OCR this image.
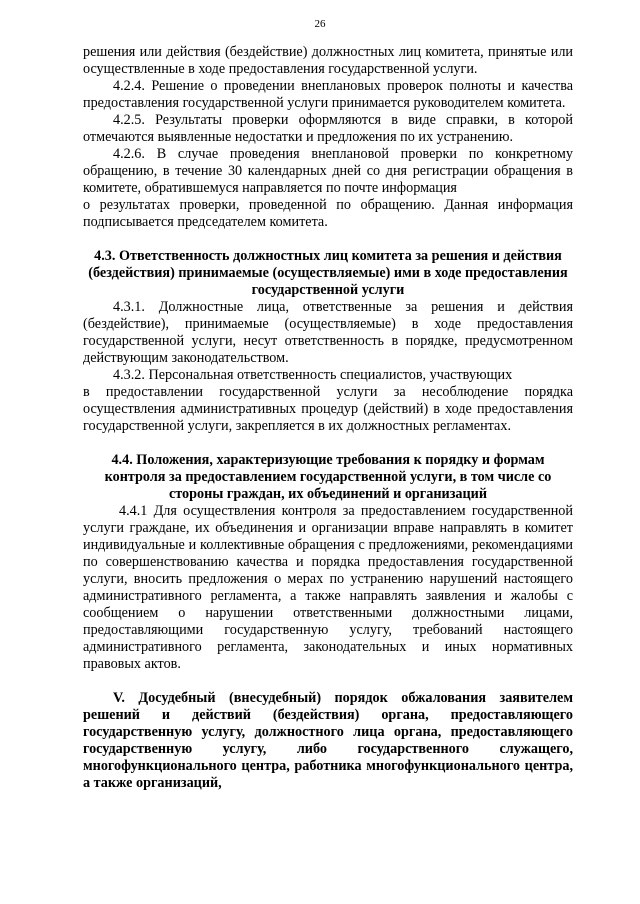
26

решения или действия (бездействие) должностных лиц комитета, принятые или осуществленные в ходе предоставления государственной услуги.

4.2.4. Решение о проведении внеплановых проверок полноты и качества предоставления государственной услуги принимается руководителем комитета.

4.2.5. Результаты проверки оформляются в виде справки, в которой отмечаются выявленные недостатки и предложения по их устранению.

4.2.6. В случае проведения внеплановой проверки по конкретному обращению, в течение 30 календарных дней со дня регистрации обращения в комитете, обратившемуся направляется по почте информация

о результатах проверки, проведенной по обращению. Данная информация подписывается председателем комитета.

4.3. Ответственность должностных лиц комитета за решения и действия (бездействия) принимаемые (осуществляемые) ими в ходе предоставления государственной услуги

4.3.1. Должностные лица, ответственные за решения и действия (бездействие), принимаемые (осуществляемые) в ходе предоставления государственной услуги, несут ответственность в порядке, предусмотренном действующим законодательством.

4.3.2. Персональная ответственность специалистов, участвующих

в предоставлении государственной услуги за несоблюдение порядка осуществления административных процедур (действий) в ходе предоставления государственной услуги, закрепляется в их должностных регламентах.

4.4. Положения, характеризующие требования к порядку и формам контроля за предоставлением государственной услуги, в том числе со стороны граждан, их объединений и организаций

4.4.1 Для осуществления контроля за предоставлением государственной услуги граждане, их объединения и организации вправе направлять в комитет индивидуальные и коллективные обращения с предложениями, рекомендациями по совершенствованию качества и порядка предоставления государственной услуги, вносить предложения о мерах по устранению нарушений настоящего административного регламента, а также направлять заявления и жалобы с сообщением о нарушении ответственными должностными лицами, предоставляющими государственную услугу, требований настоящего административного регламента, законодательных и иных нормативных правовых актов.

V. Досудебный (внесудебный) порядок обжалования заявителем решений и действий (бездействия) органа, предоставляющего государственную услугу, должностного лица органа, предоставляющего государственную услугу, либо государственного служащего, многофункционального центра, работника многофункционального центра, а также организаций,
